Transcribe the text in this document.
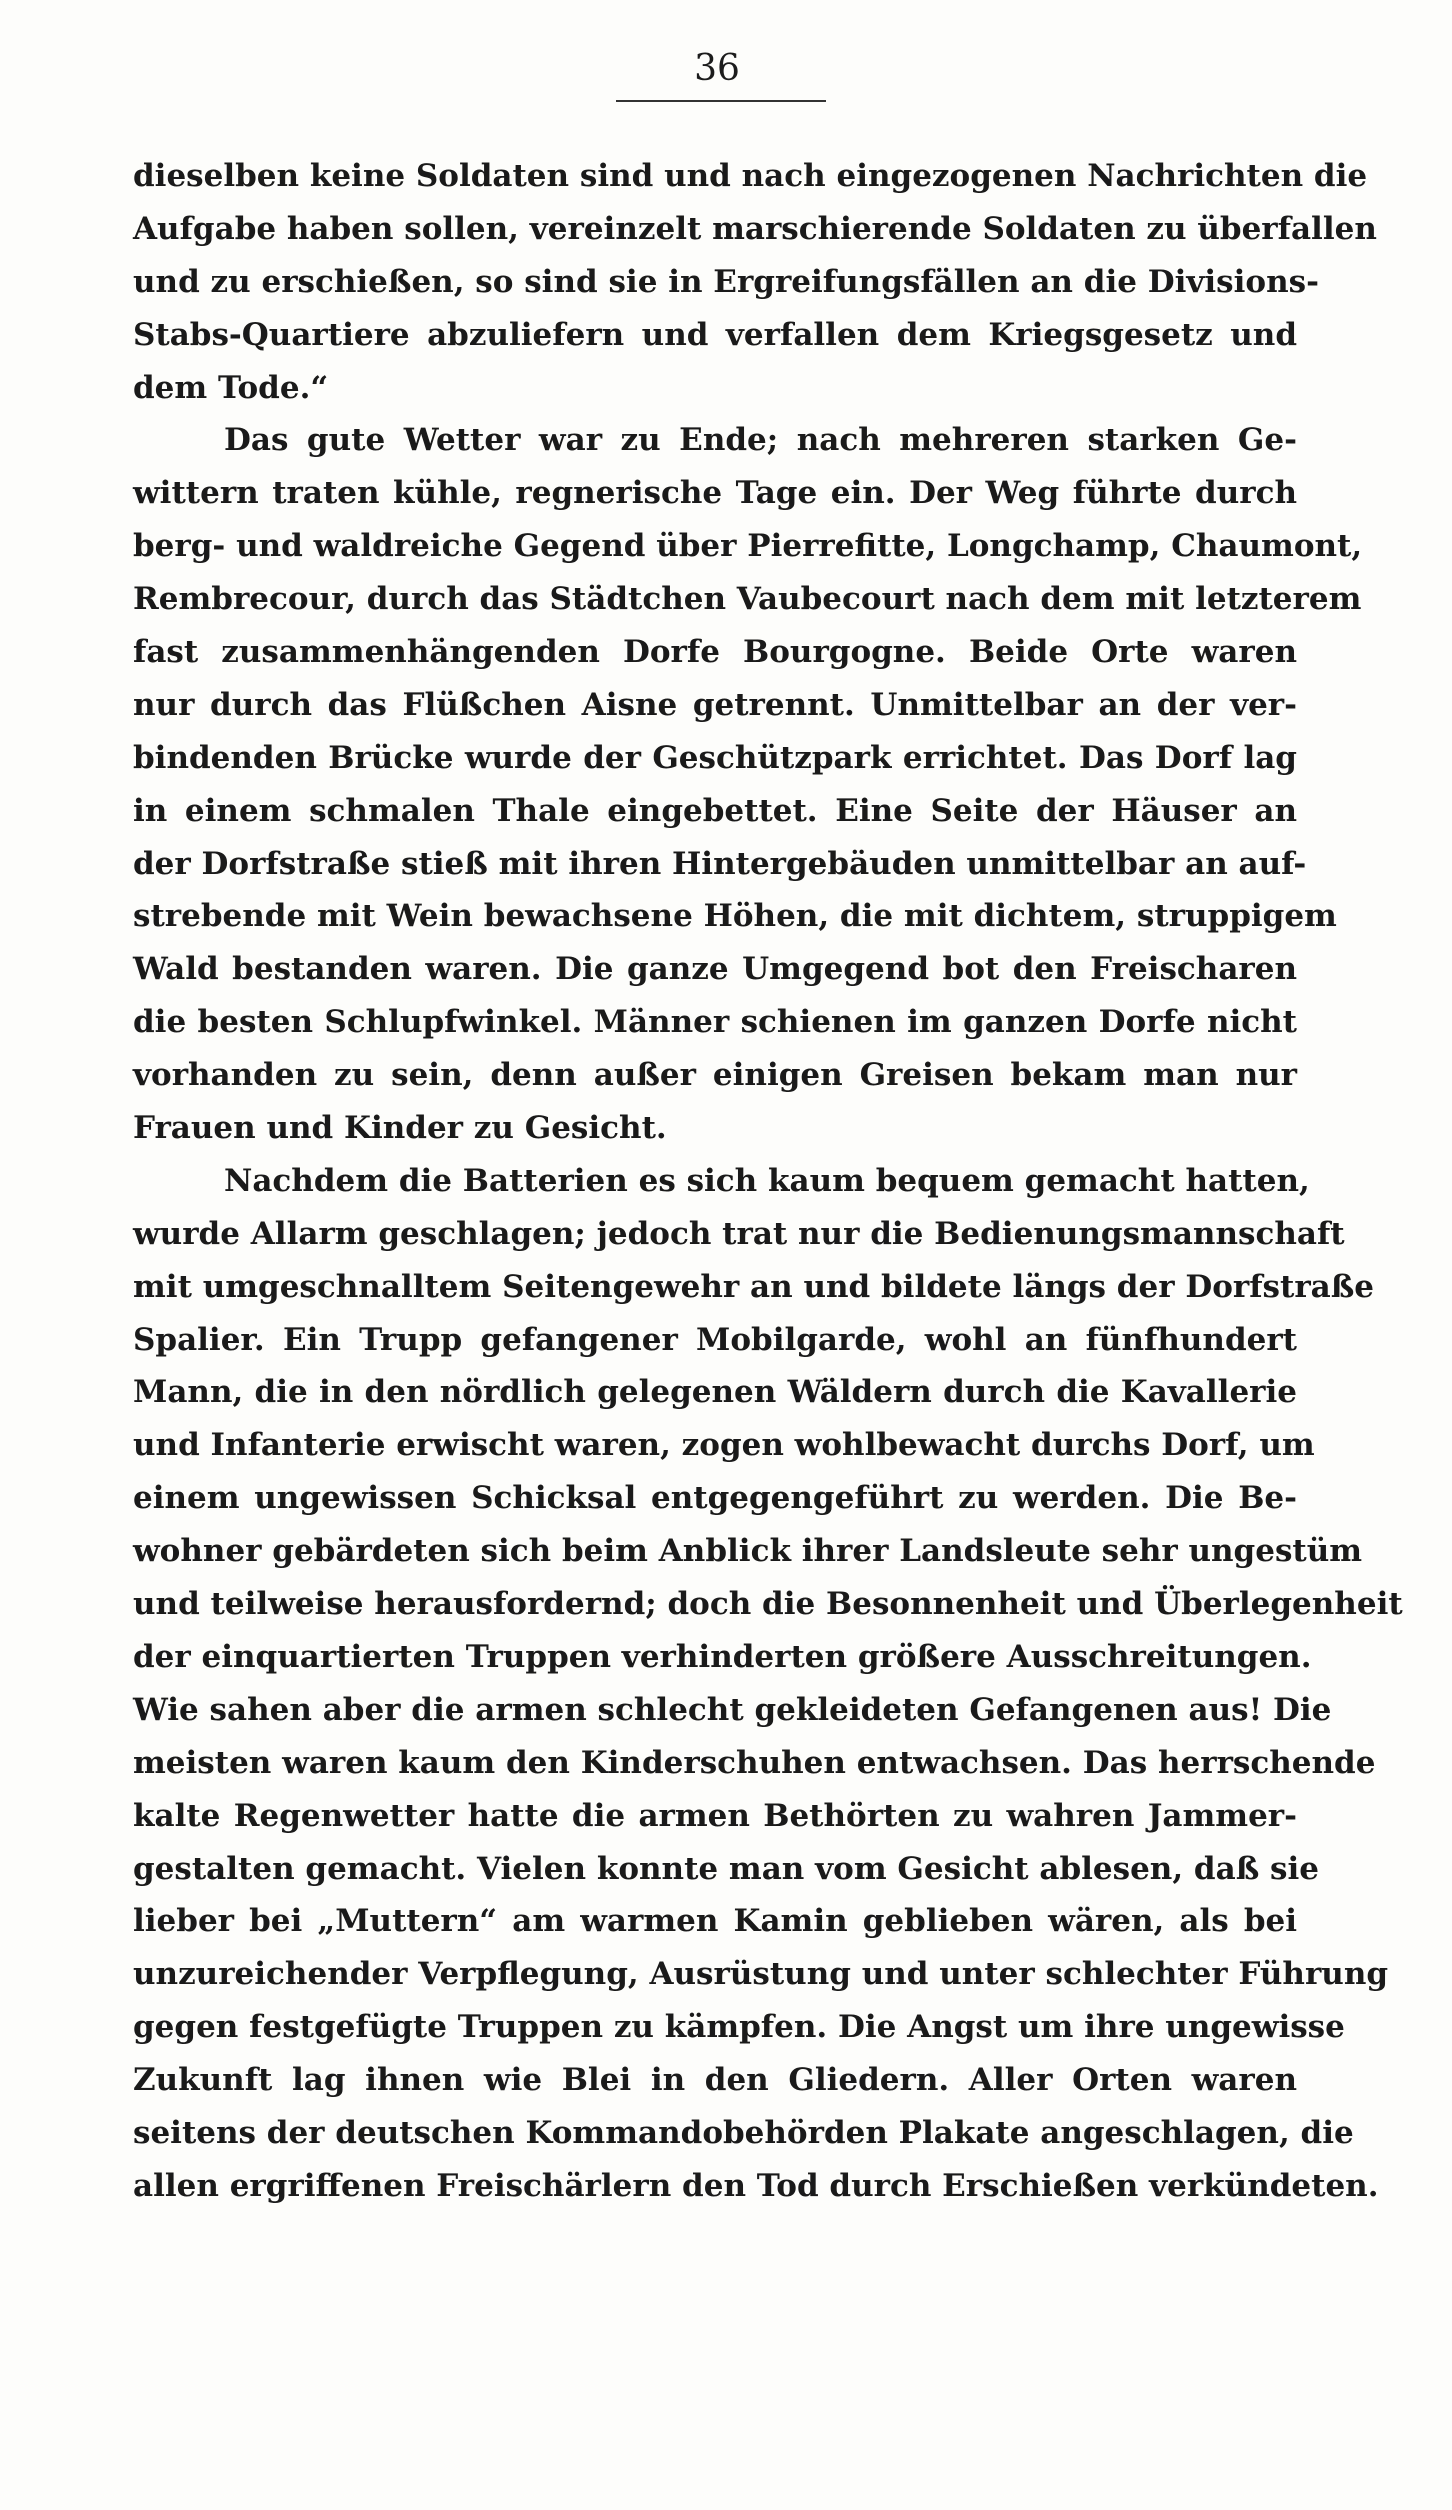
36
dieselben keine Soldaten sind und nach eingezogenen Nachrichten die
Aufgabe haben sollen, vereinzelt marschierende Soldaten zu überfallen
und zu erschießen, so sind sie in Ergreifungsfällen an die Divisions-
Stabs-Quartiere abzuliefern und verfallen dem Kriegsgesetz und
dem Tode.“
Das gute Wetter war zu Ende; nach mehreren starken Ge-
wittern traten kühle, regnerische Tage ein. Der Weg führte durch
berg- und waldreiche Gegend über Pierrefitte, Longchamp, Chaumont,
Rembrecour, durch das Städtchen Vaubecourt nach dem mit letzterem
fast zusammenhängenden Dorfe Bourgogne. Beide Orte waren
nur durch das Flüßchen Aisne getrennt. Unmittelbar an der ver-
bindenden Brücke wurde der Geschützpark errichtet. Das Dorf lag
in einem schmalen Thale eingebettet. Eine Seite der Häuser an
der Dorfstraße stieß mit ihren Hintergebäuden unmittelbar an auf-
strebende mit Wein bewachsene Höhen, die mit dichtem, struppigem
Wald bestanden waren. Die ganze Umgegend bot den Freischaren
die besten Schlupfwinkel. Männer schienen im ganzen Dorfe nicht
vorhanden zu sein, denn außer einigen Greisen bekam man nur
Frauen und Kinder zu Gesicht.
Nachdem die Batterien es sich kaum bequem gemacht hatten,
wurde Allarm geschlagen; jedoch trat nur die Bedienungsmannschaft
mit umgeschnalltem Seitengewehr an und bildete längs der Dorfstraße
Spalier. Ein Trupp gefangener Mobilgarde, wohl an fünfhundert
Mann, die in den nördlich gelegenen Wäldern durch die Kavallerie
und Infanterie erwischt waren, zogen wohlbewacht durchs Dorf, um
einem ungewissen Schicksal entgegengeführt zu werden. Die Be-
wohner gebärdeten sich beim Anblick ihrer Landsleute sehr ungestüm
und teilweise herausfordernd; doch die Besonnenheit und Überlegenheit
der einquartierten Truppen verhinderten größere Ausschreitungen.
Wie sahen aber die armen schlecht gekleideten Gefangenen aus! Die
meisten waren kaum den Kinderschuhen entwachsen. Das herrschende
kalte Regenwetter hatte die armen Bethörten zu wahren Jammer-
gestalten gemacht. Vielen konnte man vom Gesicht ablesen, daß sie
lieber bei „Muttern“ am warmen Kamin geblieben wären, als bei
unzureichender Verpflegung, Ausrüstung und unter schlechter Führung
gegen festgefügte Truppen zu kämpfen. Die Angst um ihre ungewisse
Zukunft lag ihnen wie Blei in den Gliedern. Aller Orten waren
seitens der deutschen Kommandobehörden Plakate angeschlagen, die
allen ergriffenen Freischärlern den Tod durch Erschießen verkündeten.
